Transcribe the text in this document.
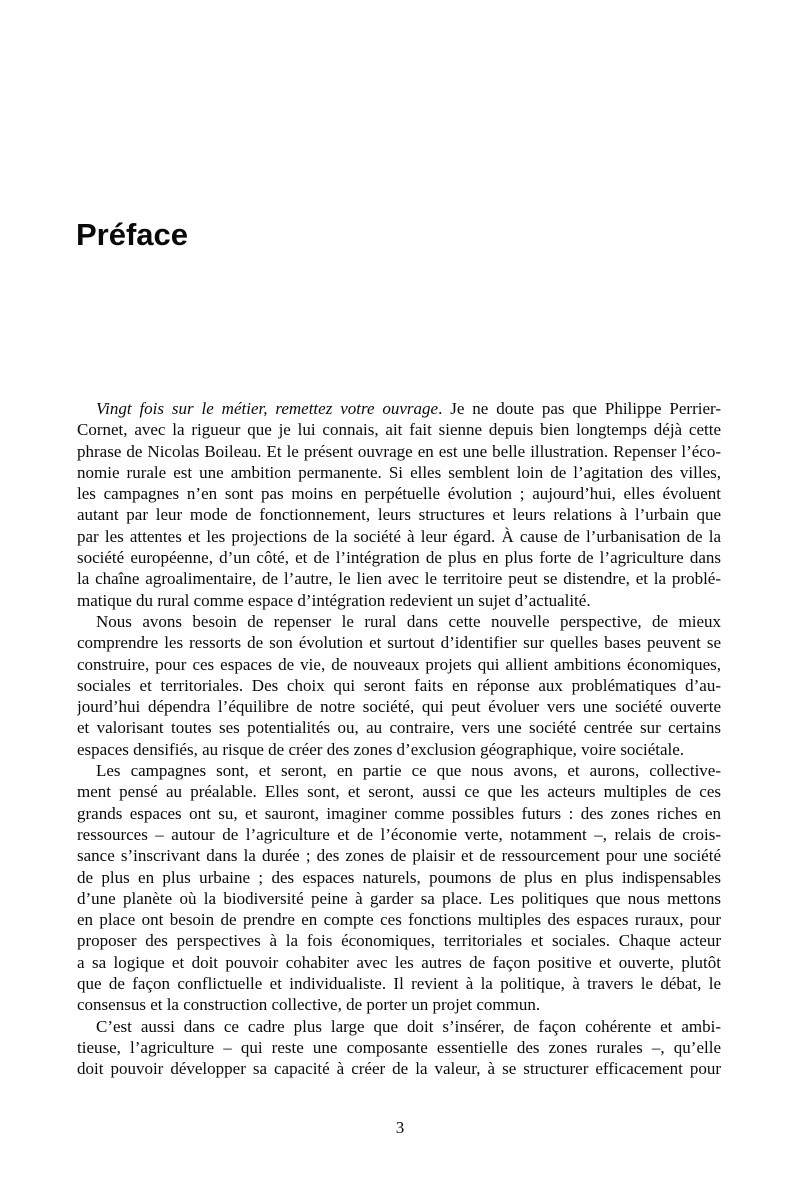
Préface
Vingt fois sur le métier, remettez votre ouvrage. Je ne doute pas que Philippe Perrier-
Cornet, avec la rigueur que je lui connais, ait fait sienne depuis bien longtemps déjà cette
phrase de Nicolas Boileau. Et le présent ouvrage en est une belle illustration. Repenser l’éco-
nomie rurale est une ambition permanente. Si elles semblent loin de l’agitation des villes,
les campagnes n’en sont pas moins en perpétuelle évolution ; aujourd’hui, elles évoluent
autant par leur mode de fonctionnement, leurs structures et leurs relations à l’urbain que
par les attentes et les projections de la société à leur égard. À cause de l’urbanisation de la
société européenne, d’un côté, et de l’intégration de plus en plus forte de l’agriculture dans
la chaîne agroalimentaire, de l’autre, le lien avec le territoire peut se distendre, et la problé-
matique du rural comme espace d’intégration redevient un sujet d’actualité.
Nous avons besoin de repenser le rural dans cette nouvelle perspective, de mieux
comprendre les ressorts de son évolution et surtout d’identifier sur quelles bases peuvent se
construire, pour ces espaces de vie, de nouveaux projets qui allient ambitions économiques,
sociales et territoriales. Des choix qui seront faits en réponse aux problématiques d’au-
jourd’hui dépendra l’équilibre de notre société, qui peut évoluer vers une société ouverte
et valorisant toutes ses potentialités ou, au contraire, vers une société centrée sur certains
espaces densifiés, au risque de créer des zones d’exclusion géographique, voire sociétale.
Les campagnes sont, et seront, en partie ce que nous avons, et aurons, collective-
ment pensé au préalable. Elles sont, et seront, aussi ce que les acteurs multiples de ces
grands espaces ont su, et sauront, imaginer comme possibles futurs : des zones riches en
ressources – autour de l’agriculture et de l’économie verte, notamment –, relais de crois-
sance s’inscrivant dans la durée ; des zones de plaisir et de ressourcement pour une société
de plus en plus urbaine ; des espaces naturels, poumons de plus en plus indispensables
d’une planète où la biodiversité peine à garder sa place. Les politiques que nous mettons
en place ont besoin de prendre en compte ces fonctions multiples des espaces ruraux, pour
proposer des perspectives à la fois économiques, territoriales et sociales. Chaque acteur
a sa logique et doit pouvoir cohabiter avec les autres de façon positive et ouverte, plutôt
que de façon conflictuelle et individualiste. Il revient à la politique, à travers le débat, le
consensus et la construction collective, de porter un projet commun.
C’est aussi dans ce cadre plus large que doit s’insérer, de façon cohérente et ambi-
tieuse, l’agriculture – qui reste une composante essentielle des zones rurales –, qu’elle
doit pouvoir développer sa capacité à créer de la valeur, à se structurer efficacement pour
3
